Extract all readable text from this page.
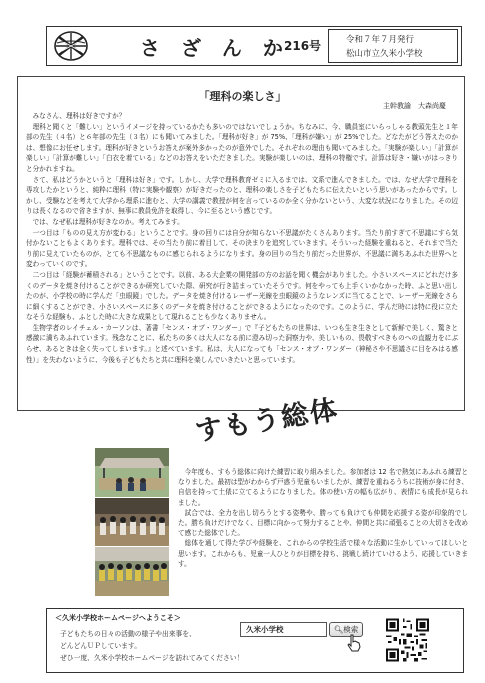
さ ざ ん か
216号	令和７年７月発行
松山市立久米小学校
「理科の楽しさ」
主幹教諭　大森尚慶

みなさん、理科は好きですか？

理科と聞くと「難しい」というイメージを持っているかたも多いのではないでしょうか。ちなみに、今、職員室にいらっしゃる教頭先生と１年部の先生（４名）と６年部の先生（３名）にも聞いてみました。「理科が好き」が 75%、「理科が嫌い」が 25%でした。どなたがどう答えたのかは、想像にお任せします。理科が好きというお答えが案外多かったのが意外でした。それぞれの理由も聞いてみました。「実験が楽しい」「計算が楽しい」「計算が難しい」「白衣を着ている」などのお答えをいただきました。実験が楽しいのは、理科の特権です。計算は好き・嫌いがはっきりと分かれますね。

さて、私はどうかというと「理科は好き」です。しかし、大学で理科教育ゼミに入るまでは、文系で進んできました。では、なぜ大学で理科を専攻したかというと、純粋に理科（特に実験や観察）が好きだったのと、理科の楽しさを子どもたちに伝えたいという思いがあったからです。しかし、受験などを考えて大学から理系に進むと、大学の講義で教授が何を言っているのか全く分かないという、大変な状況になりました。その辺りは長くなるので省きますが、無事に教員免許を取得し、今に至るという感じです。

では、なぜ私は理科が好きなのか。考えてみます。

一つ目は「ものの見え方が変わる」ということです。身の回りには自分が知らない不思議がたくさんあります。当たり前すぎて不思議にすら気付かないこともよくあります。理科では、その当たり前に着目して、その決まりを追究していきます。そういった経験を重ねると、それまで当たり前に見えていたものが、とても不思議なものに感じられるようになります。身の回りの当たり前だった世界が、不思議に満ちあふれた世界へと変わっていくのです。

二つ目は「経験が蓄積される」ということです。以前、ある大企業の開発部の方のお話を聞く機会がありました。小さいスペースにどれだけ多くのデータを焼き付けることができるか研究していた際、研究が行き詰まっていたそうです。何をやっても上手くいかなかった時、ふと思い出したのが、小学校の時に学んだ「虫眼鏡」でした。データを焼き付けるレーザー光線を虫眼鏡のようなレンズに当てることで、レーザー光線をさらに細くすることができ、小さいスペースに多くのデータを焼き付けることができるようになったのです。このように、学んだ時には特に役に立たなそうな経験も、ふとした時に大きな成果として現れることも少なくありません。

生物学者のレイチェル・カーソンは、著書「センス・オブ・ワンダー」で『子どもたちの世界は、いつも生き生きとして新鮮で美しく、驚きと感激に満ちあふれています。残念なことに、私たちの多くは大人になる前に澄み切った洞察力や、美しいもの、畏敬すべきものへの直観力をにぶらせ、あるときは全く失ってしまいます。』と述べています。私は、大人になっても「センス・オブ・ワンダー（神秘さや不思議さに目をみはる感性）」を失わないように、今後も子どもたちと共に理科を楽しんでいきたいと思っています。

すもう総体

今年度も、すもう総体に向けた練習に取り組みました。参加者は 12 名で熱気にあふれる練習となりました。最初は型がわからず戸惑う児童もいましたが、練習を重ねるうちに技術が身に付き、自信を持って土俵に立てるようになりました。体の使い方の幅も広がり、表情にも成長が見られました。

試合では、全力を出し切ろうとする姿勢や、勝っても負けても仲間を応援する姿が印象的でした。勝ち負けだけでなく、目標に向かって努力することや、仲間と共に頑張ることの大切さを改めて感じた総体でした。

総体を通して得た学びや経験を、これからの学校生活で様々な活動に生かしていってほしいと思います。これからも、児童一人ひとりが目標を持ち、挑戦し続けていけるよう、応援していきます。

＜久米小学校ホームページへようこそ＞
子どもたちの日々の活動の様子や出来事を、
どんどんＵＰしています。
ぜひ一度、久米小学校ホームページを訪れてみてください！
久米小学校	🔍︎検索
